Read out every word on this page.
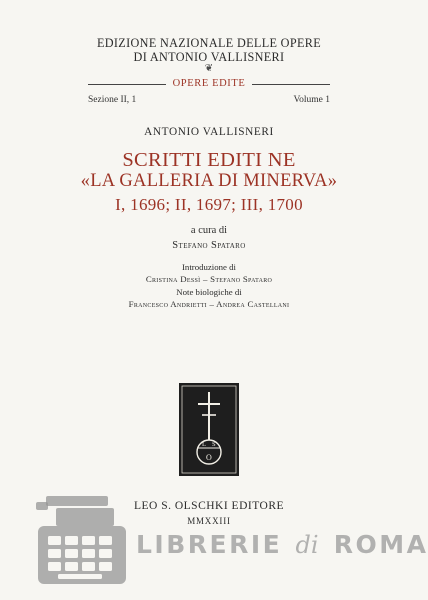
EDIZIONE NAZIONALE DELLE OPERE
DI ANTONIO VALLISNERI
❦
OPERE EDITE
Sezione II, 1	Volume 1
ANTONIO VALLISNERI
SCRITTI EDITI NE
«LA GALLERIA DI MINERVA»
I, 1696; II, 1697; III, 1700
a cura di
Stefano Spataro
Introduzione di
Cristina Dessì – Stefano Spataro
Note biologiche di
Francesco Andrietti – Andrea Castellani
L S
O
LEO S. OLSCHKI EDITORE
MMXXIII
LIBRERIE di ROMA
